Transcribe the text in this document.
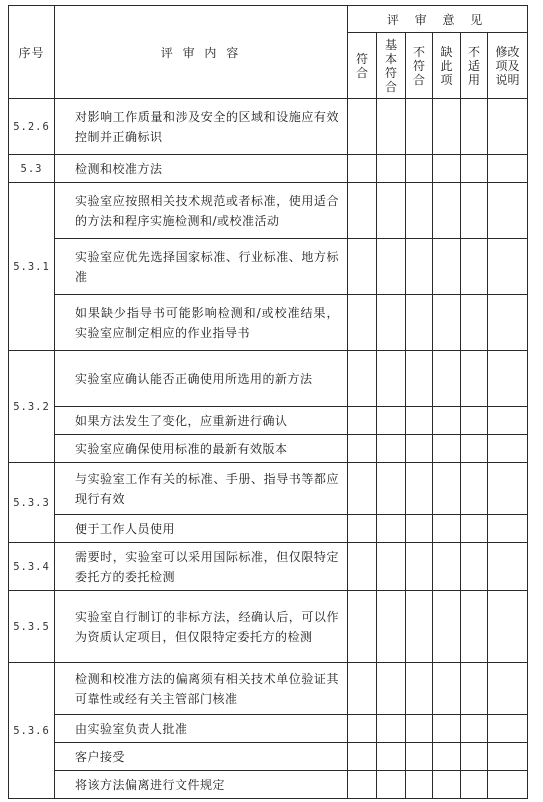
序号	评 审 内 容	评 审 意 见					
		符合	基本符合	不符合	缺此项	不适用	修改项及说明
5.2.6	对影响工作质量和涉及安全的区域和设施应有效控制并正确标识						

5.3	检测和校准方法						

5.3.1	实验室应按照相关技术规范或者标准，使用适合的方法和程序实施检测和/或校准活动						

	实验室应优先选择国家标准、行业标准、地方标准						

	如果缺少指导书可能影响检测和/或校准结果，实验室应制定相应的作业指导书						

5.3.2	实验室应确认能否正确使用所选用的新方法						

	如果方法发生了变化，应重新进行确认						

	实验室应确保使用标准的最新有效版本						

5.3.3	与实验室工作有关的标准、手册、指导书等都应现行有效						

	便于工作人员使用						

5.3.4	需要时，实验室可以采用国际标准，但仅限特定委托方的委托检测						

5.3.5	实验室自行制订的非标方法，经确认后，可以作为资质认定项目，但仅限特定委托方的检测						

5.3.6	检测和校准方法的偏离须有相关技术单位验证其可靠性或经有关主管部门核准						

	由实验室负责人批准						

	客户接受						

	将该方法偏离进行文件规定						
